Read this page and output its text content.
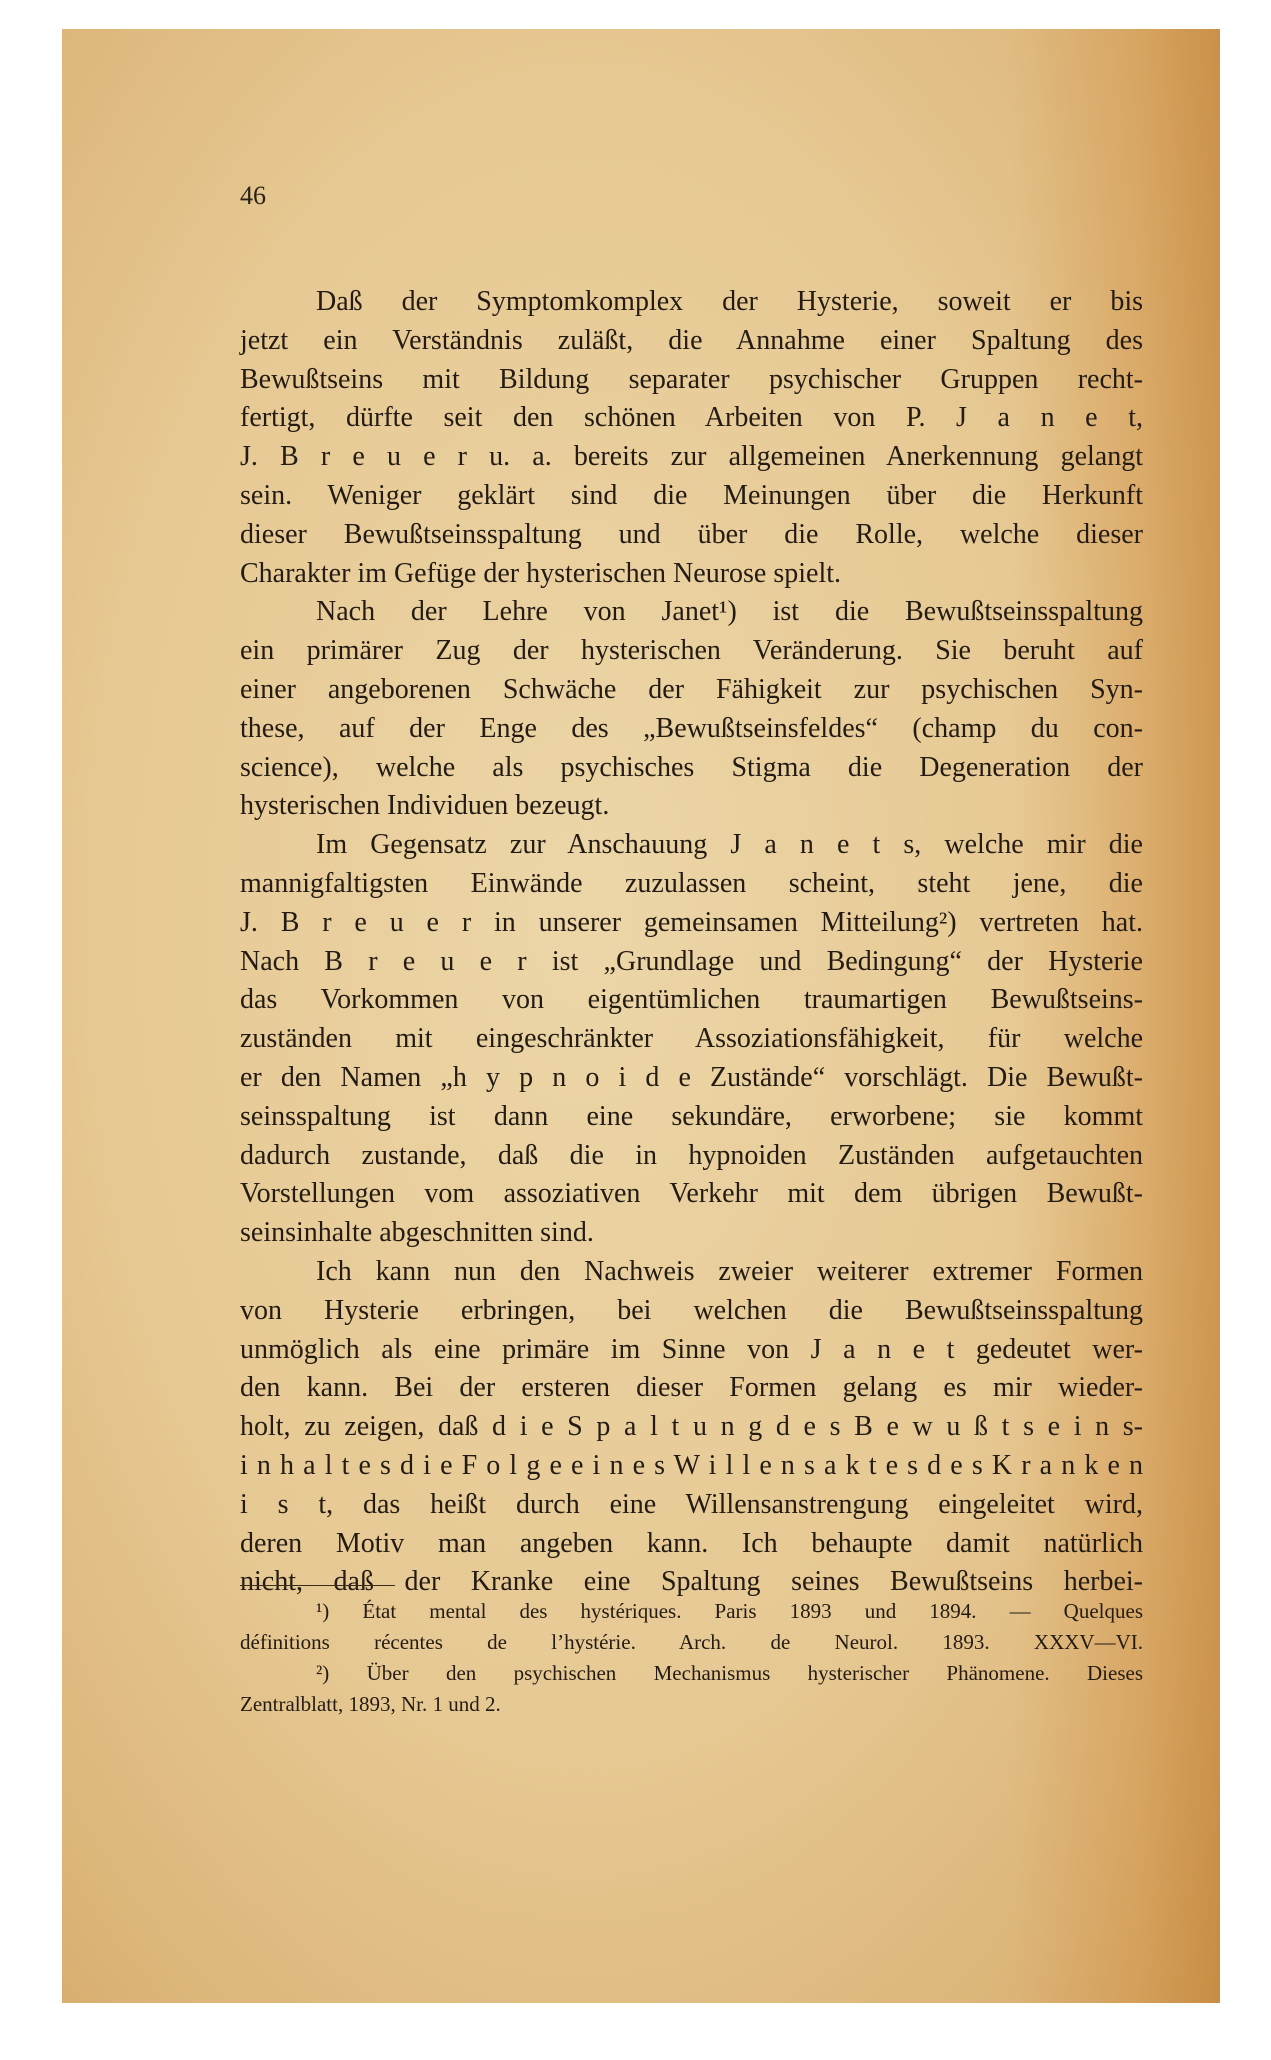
46
Daß der Symptomkomplex der Hysterie, soweit er bis
jetzt ein Verständnis zuläßt, die Annahme einer Spaltung des
Bewußtseins mit Bildung separater psychischer Gruppen recht-
fertigt, dürfte seit den schönen Arbeiten von P. J a n e t,
J. B r e u e r u. a. bereits zur allgemeinen Anerkennung gelangt
sein. Weniger geklärt sind die Meinungen über die Herkunft
dieser Bewußtseinsspaltung und über die Rolle, welche dieser
Charakter im Gefüge der hysterischen Neurose spielt.
Nach der Lehre von Janet¹) ist die Bewußtseinsspaltung
ein primärer Zug der hysterischen Veränderung. Sie beruht auf
einer angeborenen Schwäche der Fähigkeit zur psychischen Syn-
these, auf der Enge des „Bewußtseinsfeldes“ (champ du con-
science), welche als psychisches Stigma die Degeneration der
hysterischen Individuen bezeugt.
Im Gegensatz zur Anschauung J a n e t s, welche mir die
mannigfaltigsten Einwände zuzulassen scheint, steht jene, die
J. B r e u e r in unserer gemeinsamen Mitteilung²) vertreten hat.
Nach B r e u e r ist „Grundlage und Bedingung“ der Hysterie
das Vorkommen von eigentümlichen traumartigen Bewußtseins-
zuständen mit eingeschränkter Assoziationsfähigkeit, für welche
er den Namen „h y p n o i d e Zustände“ vorschlägt. Die Bewußt-
seinsspaltung ist dann eine sekundäre, erworbene; sie kommt
dadurch zustande, daß die in hypnoiden Zuständen aufgetauchten
Vorstellungen vom assoziativen Verkehr mit dem übrigen Bewußt-
seinsinhalte abgeschnitten sind.
Ich kann nun den Nachweis zweier weiterer extremer Formen
von Hysterie erbringen, bei welchen die Bewußtseinsspaltung
unmöglich als eine primäre im Sinne von J a n e t gedeutet wer-
den kann. Bei der ersteren dieser Formen gelang es mir wieder-
holt, zu zeigen, daß d i e S p a l t u n g d e s B e w u ß t s e i n s-
i n h a l t e s d i e F o l g e e i n e s W i l l e n s a k t e s d e s K r a n k e n
i s t, das heißt durch eine Willensanstrengung eingeleitet wird,
deren Motiv man angeben kann. Ich behaupte damit natürlich
nicht, daß der Kranke eine Spaltung seines Bewußtseins herbei-
¹) État mental des hystériques. Paris 1893 und 1894. — Quelques
définitions récentes de l’hystérie. Arch. de Neurol. 1893. XXXV—VI.
²) Über den psychischen Mechanismus hysterischer Phänomene. Dieses
Zentralblatt, 1893, Nr. 1 und 2.
